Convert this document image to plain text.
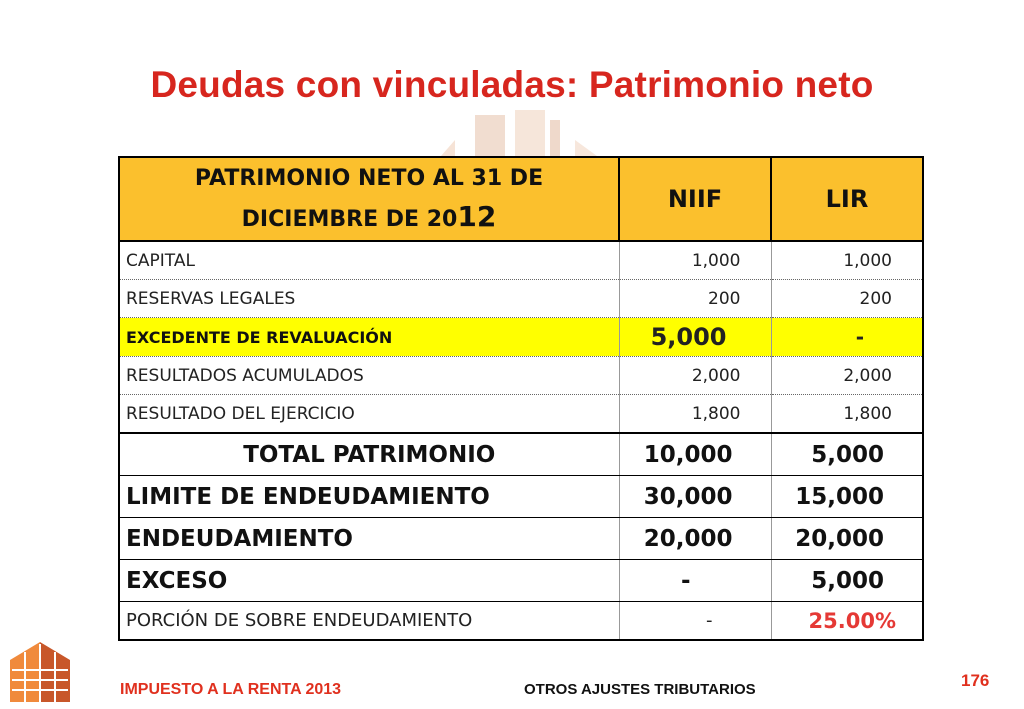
Deudas con vinculadas: Patrimonio neto
PATRIMONIO NETO AL 31 DE
DICIEMBRE DE 2012	NIIF	LIR
CAPITAL	1,000	1,000
RESERVAS LEGALES	200	200
EXCEDENTE DE REVALUACIÓN	5,000	-
RESULTADOS ACUMULADOS	2,000	2,000
RESULTADO DEL EJERCICIO	1,800	1,800
TOTAL PATRIMONIO	10,000	5,000
LIMITE DE ENDEUDAMIENTO	30,000	15,000
ENDEUDAMIENTO	20,000	20,000
EXCESO	-	5,000
PORCIÓN DE SOBRE ENDEUDAMIENTO	-	25.00%
IMPUESTO A LA RENTA 2013	OTROS AJUSTES TRIBUTARIOS	176
